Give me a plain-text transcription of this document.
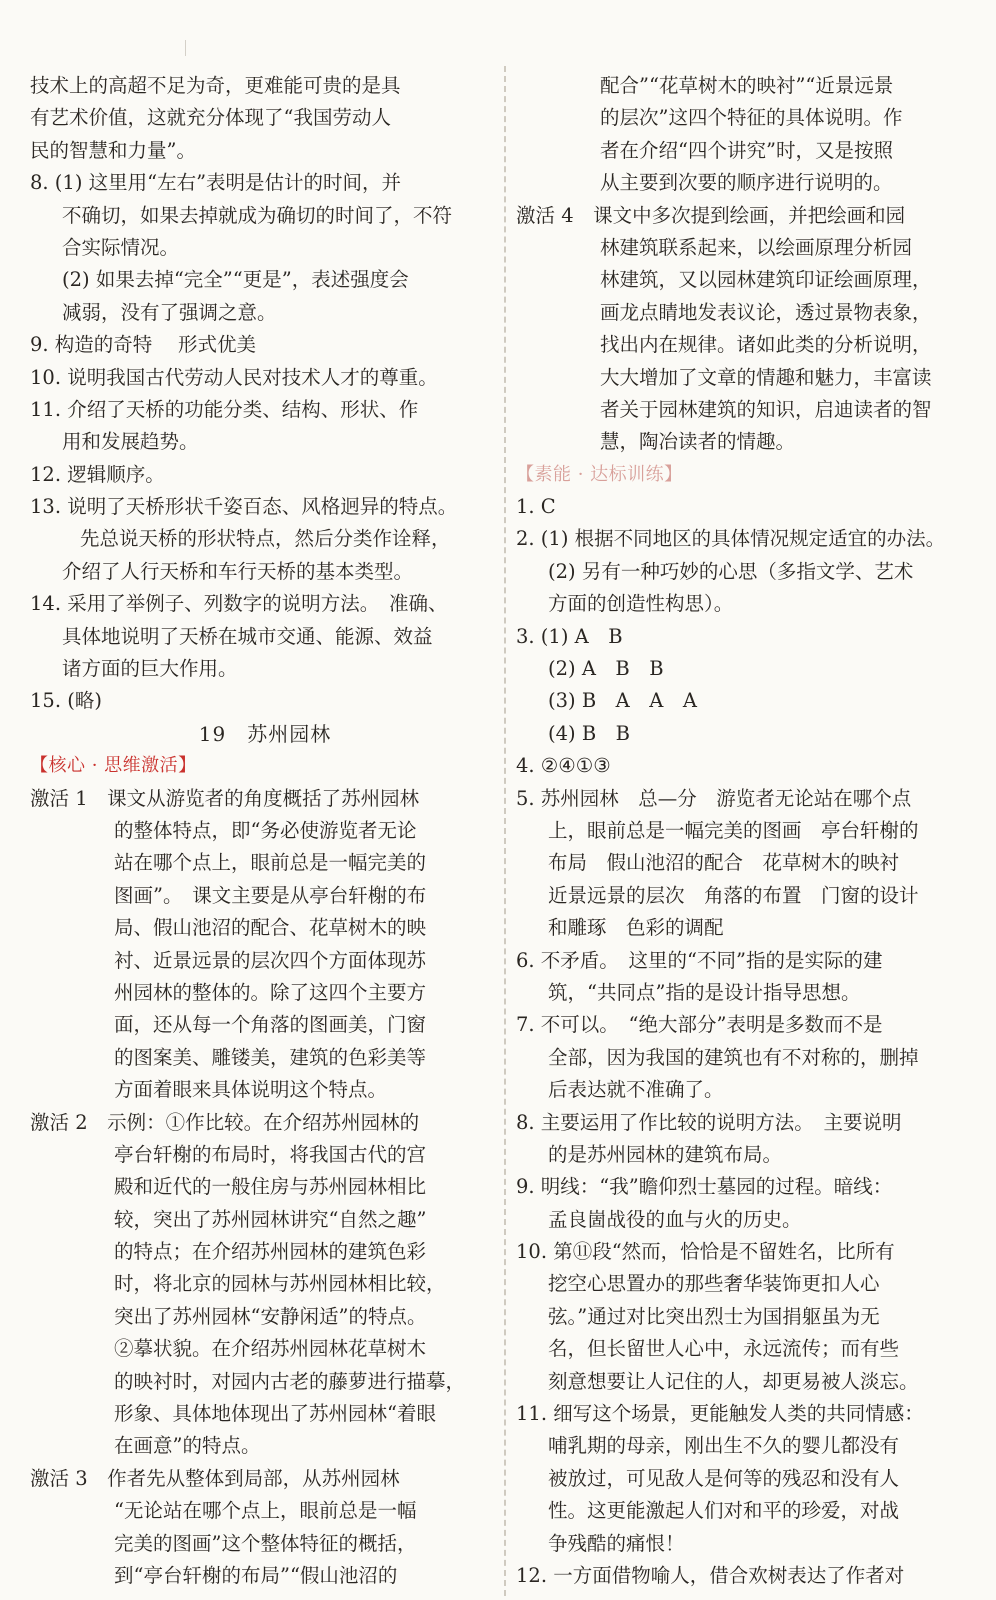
技术上的高超不足为奇，更难能可贵的是具
有艺术价值，这就充分体现了“我国劳动人
民的智慧和力量”。
8. (1) 这里用“左右”表明是估计的时间，并
不确切，如果去掉就成为确切的时间了，不符
合实际情况。
(2) 如果去掉“完全”“更是”，表述强度会
减弱，没有了强调之意。
9. 构造的奇特　 形式优美
10. 说明我国古代劳动人民对技术人才的尊重。
11. 介绍了天桥的功能分类、结构、形状、作
用和发展趋势。
12. 逻辑顺序。
13. 说明了天桥形状千姿百态、风格迥异的特点。
先总说天桥的形状特点，然后分类作诠释，
介绍了人行天桥和车行天桥的基本类型。
14. 采用了举例子、列数字的说明方法。　准确、
具体地说明了天桥在城市交通、能源、效益
诸方面的巨大作用。
15. (略)
19　苏州园林
【核心 · 思维激活】
激活 1　课文从游览者的角度概括了苏州园林
的整体特点，即“务必使游览者无论
站在哪个点上，眼前总是一幅完美的
图画”。　课文主要是从亭台轩榭的布
局、假山池沼的配合、花草树木的映
衬、近景远景的层次四个方面体现苏
州园林的整体的。除了这四个主要方
面，还从每一个角落的图画美，门窗
的图案美、雕镂美，建筑的色彩美等
方面着眼来具体说明这个特点。
激活 2　示例：①作比较。在介绍苏州园林的
亭台轩榭的布局时，将我国古代的宫
殿和近代的一般住房与苏州园林相比
较，突出了苏州园林讲究“自然之趣”
的特点；在介绍苏州园林的建筑色彩
时，将北京的园林与苏州园林相比较，
突出了苏州园林“安静闲适”的特点。
②摹状貌。在介绍苏州园林花草树木
的映衬时，对园内古老的藤萝进行描摹，
形象、具体地体现出了苏州园林“着眼
在画意”的特点。
激活 3　作者先从整体到局部，从苏州园林
“无论站在哪个点上，眼前总是一幅
完美的图画”这个整体特征的概括，
到“亭台轩榭的布局”“假山池沼的
配合”“花草树木的映衬”“近景远景
的层次”这四个特征的具体说明。作
者在介绍“四个讲究”时，又是按照
从主要到次要的顺序进行说明的。
激活 4　课文中多次提到绘画，并把绘画和园
林建筑联系起来，以绘画原理分析园
林建筑，又以园林建筑印证绘画原理，
画龙点睛地发表议论，透过景物表象，
找出内在规律。诸如此类的分析说明，
大大增加了文章的情趣和魅力，丰富读
者关于园林建筑的知识，启迪读者的智
慧，陶冶读者的情趣。
【素能 · 达标训练】
1. C
2. (1) 根据不同地区的具体情况规定适宜的办法。
(2) 另有一种巧妙的心思（多指文学、艺术
方面的创造性构思）。
3. (1) A　B
(2) A　B　B
(3) B　A　A　A
(4) B　B
4. ②④①③
5. 苏州园林　总—分　游览者无论站在哪个点
上，眼前总是一幅完美的图画　亭台轩榭的
布局　假山池沼的配合　花草树木的映衬
近景远景的层次　角落的布置　门窗的设计
和雕琢　色彩的调配
6. 不矛盾。　这里的“不同”指的是实际的建
筑，“共同点”指的是设计指导思想。
7. 不可以。　“绝大部分”表明是多数而不是
全部，因为我国的建筑也有不对称的，删掉
后表达就不准确了。
8. 主要运用了作比较的说明方法。　主要说明
的是苏州园林的建筑布局。
9. 明线：“我”瞻仰烈士墓园的过程。暗线：
孟良崮战役的血与火的历史。
10. 第⑪段“然而，恰恰是不留姓名，比所有
挖空心思置办的那些奢华装饰更扣人心
弦。”通过对比突出烈士为国捐躯虽为无
名，但长留世人心中，永远流传；而有些
刻意想要让人记住的人，却更易被人淡忘。
11. 细写这个场景，更能触发人类的共同情感：
哺乳期的母亲，刚出生不久的婴儿都没有
被放过，可见敌人是何等的残忍和没有人
性。这更能激起人们对和平的珍爱，对战
争残酷的痛恨！
12. 一方面借物喻人，借合欢树表达了作者对
